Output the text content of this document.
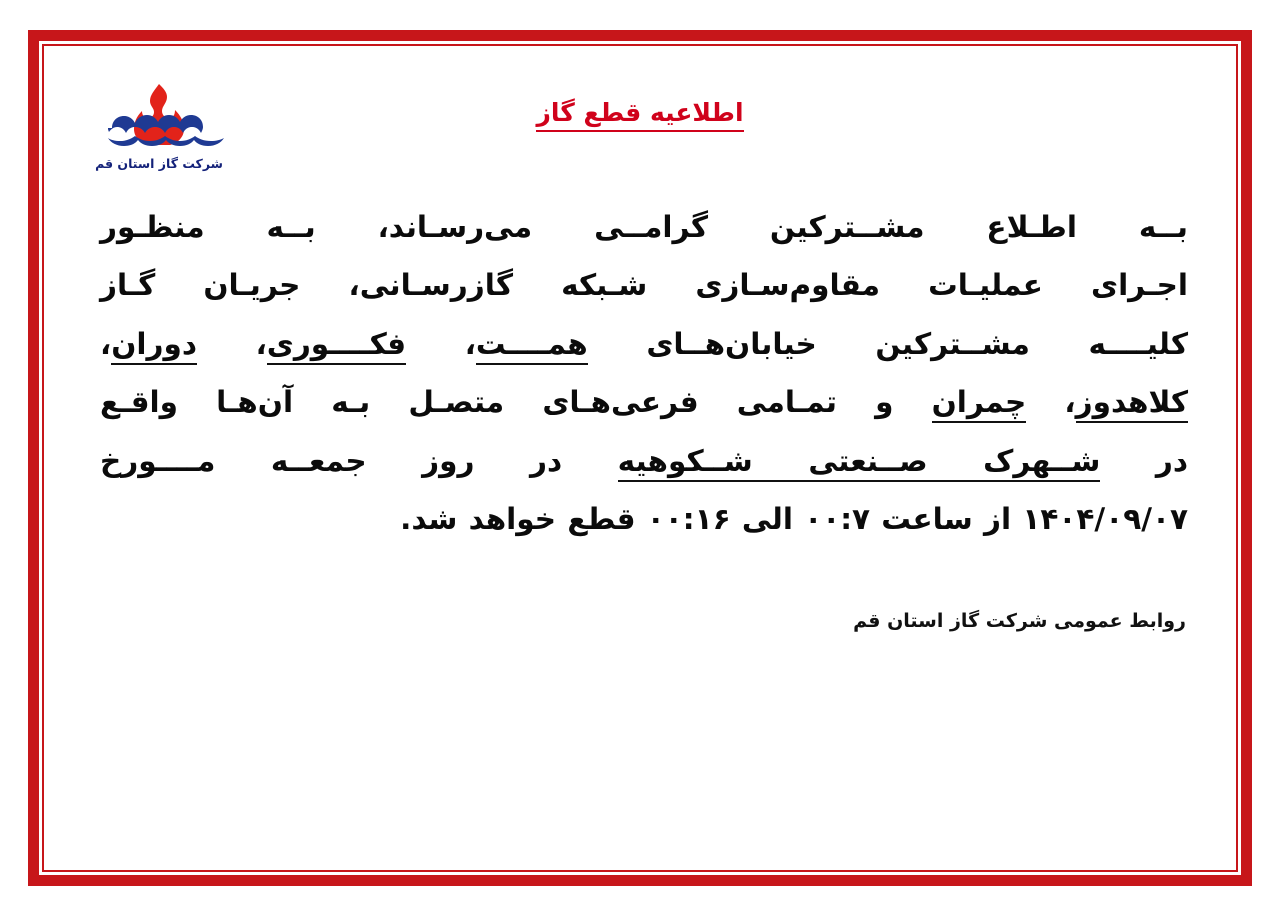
اطلاعیه قطع گاز
شرکت گاز استان قم
بــه اطـلاع مشــترکین گرامــی می‌رسـاند، بــه منظـور
اجـرای عملیـات مقاوم‌سـازی شـبکه گازرسـانی، جریـان گـاز
کلیــــه مشــترکین خیابان‌هــای همــــت، فکــــوری، دوران،
کلاهدوز، چمران و تمـامی فرعی‌هـای متصـل بـه آن‌هـا واقـع
در شــهرک صــنعتی شــکوهیه در روز جمعــه مــــورخ
۱۴۰۴/۰۹/۰۷ از ساعت ۰۰:۷ الی ۰۰:۱۶ قطع خواهد شد.
روابط عمومی شرکت گاز استان قم
